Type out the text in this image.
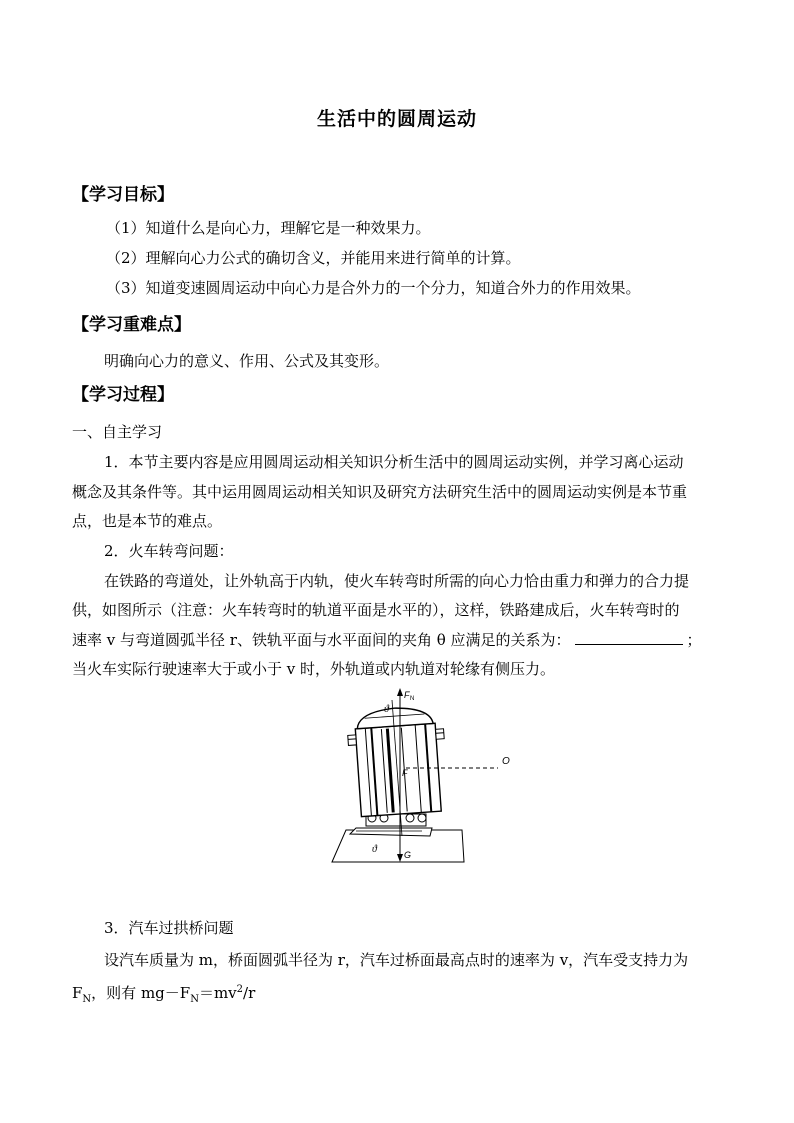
生活中的圆周运动
【学习目标】
（1）知道什么是向心力，理解它是一种效果力。
（2）理解向心力公式的确切含义，并能用来进行简单的计算。
（3）知道变速圆周运动中向心力是合外力的一个分力，知道合外力的作用效果。
【学习重难点】
明确向心力的意义、作用、公式及其变形。
【学习过程】
一、自主学习
1．本节主要内容是应用圆周运动相关知识分析生活中的圆周运动实例，并学习离心运动
概念及其条件等。其中运用圆周运动相关知识及研究方法研究生活中的圆周运动实例是本节重
点，也是本节的难点。
2．火车转弯问题：
在铁路的弯道处，让外轨高于内轨，使火车转弯时所需的向心力恰由重力和弹力的合力提
供，如图所示（注意：火车转弯时的轨道平面是水平的），这样，铁路建成后，火车转弯时的
速率 v 与弯道圆弧半径 r、铁轨平面与水平面间的夹角 θ 应满足的关系为：	；
当火车实际行驶速率大于或小于 v 时，外轨道或内轨道对轮缘有侧压力。
F N
ϑ
F
O
ϑ	G
3．汽车过拱桥问题
设汽车质量为 m，桥面圆弧半径为 r，汽车过桥面最高点时的速率为 v，汽车受支持力为
$F_N$，则有 $mg-F_N=mv^2/r$
